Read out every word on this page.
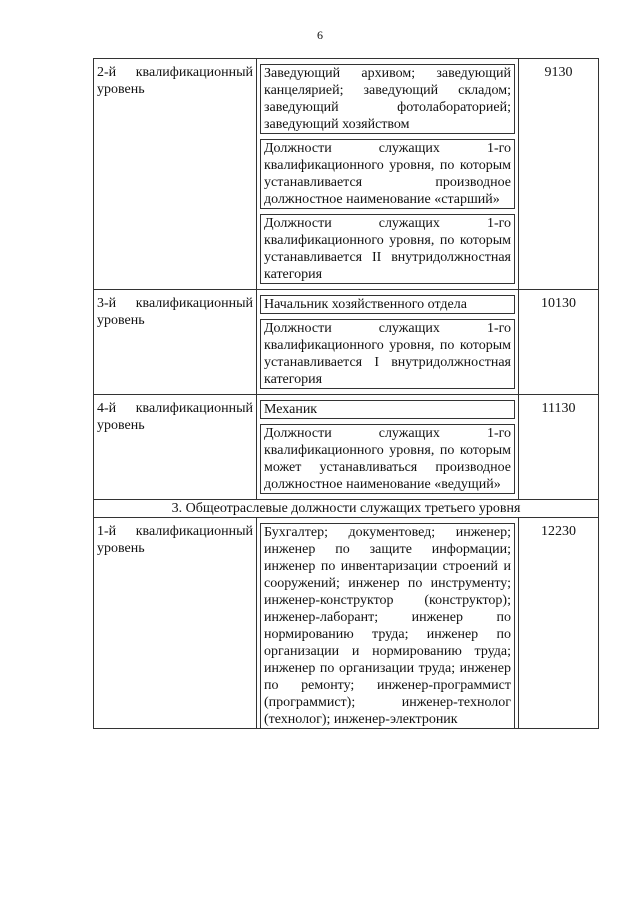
6
2-й квалификационный уровень	Заведующий архивом; заведующий канцелярией; заведующий складом; заведующий фотолабораторией; заведующий хозяйством
Должности служащих 1-го квалификационного уровня, по которым устанавливается производное должностное наименование «старший»
Должности служащих 1-го квалификационного уровня, по которым устанавливается II внутридолжностная категория	9130

3-й квалификационный уровень	Начальник хозяйственного отдела
Должности служащих 1-го квалификационного уровня, по которым устанавливается I внутридолжностная категория	10130

4-й квалификационный уровень	Механик
Должности служащих 1-го квалификационного уровня, по которым может устанавливаться производное должностное наименование «ведущий»	11130

3. Общеотраслевые должности служащих третьего уровня		

1-й квалификационный уровень	Бухгалтер; документовед; инженер; инженер по защите информации; инженер по инвентаризации строений и сооружений; инженер по инструменту; инженер-конструктор (конструктор); инженер-лаборант; инженер по нормированию труда; инженер по организации и нормированию труда; инженер по организации труда; инженер по ремонту; инженер-программист (программист); инженер-технолог (технолог); инженер-электроник	12230
